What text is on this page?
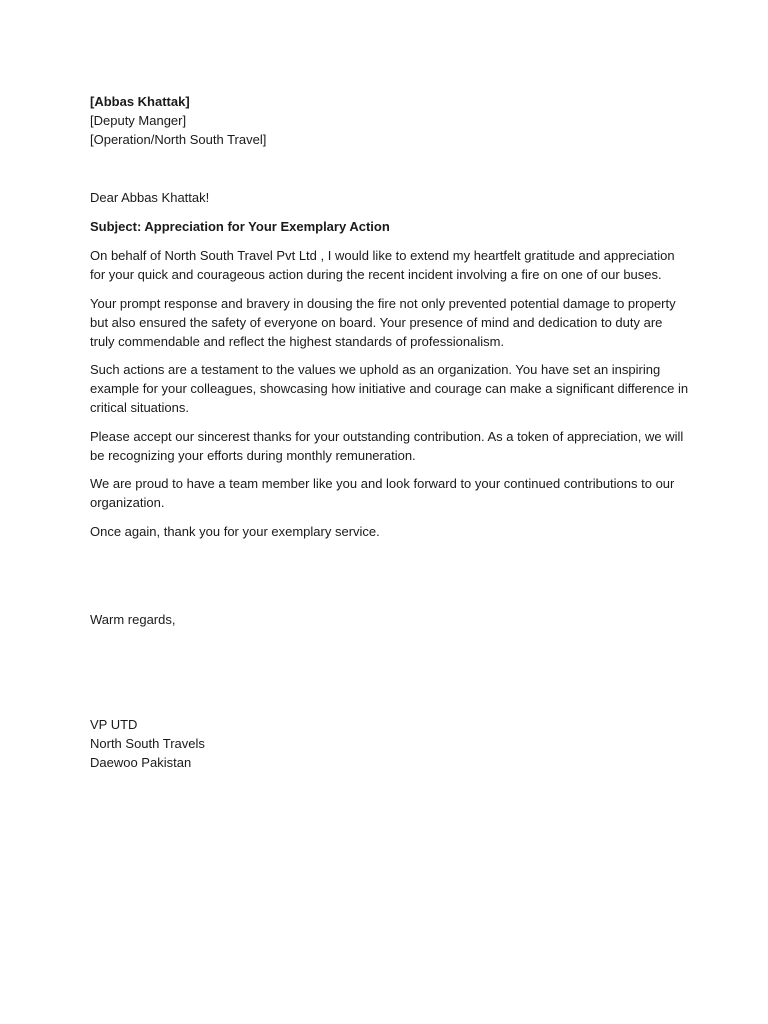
[Abbas Khattak]
[Deputy Manger]
[Operation/North South Travel]

Dear Abbas Khattak!

Subject: Appreciation for Your Exemplary Action

On behalf of North South Travel Pvt Ltd , I would like to extend my heartfelt gratitude and appreciation
for your quick and courageous action during the recent incident involving a fire on one of our buses.

Your prompt response and bravery in dousing the fire not only prevented potential damage to property
but also ensured the safety of everyone on board. Your presence of mind and dedication to duty are
truly commendable and reflect the highest standards of professionalism.

Such actions are a testament to the values we uphold as an organization. You have set an inspiring
example for your colleagues, showcasing how initiative and courage can make a significant difference in
critical situations.

Please accept our sincerest thanks for your outstanding contribution. As a token of appreciation, we will
be recognizing your efforts during monthly remuneration.

We are proud to have a team member like you and look forward to your continued contributions to our
organization.

Once again, thank you for your exemplary service.

Warm regards,

VP UTD
North South Travels
Daewoo Pakistan
